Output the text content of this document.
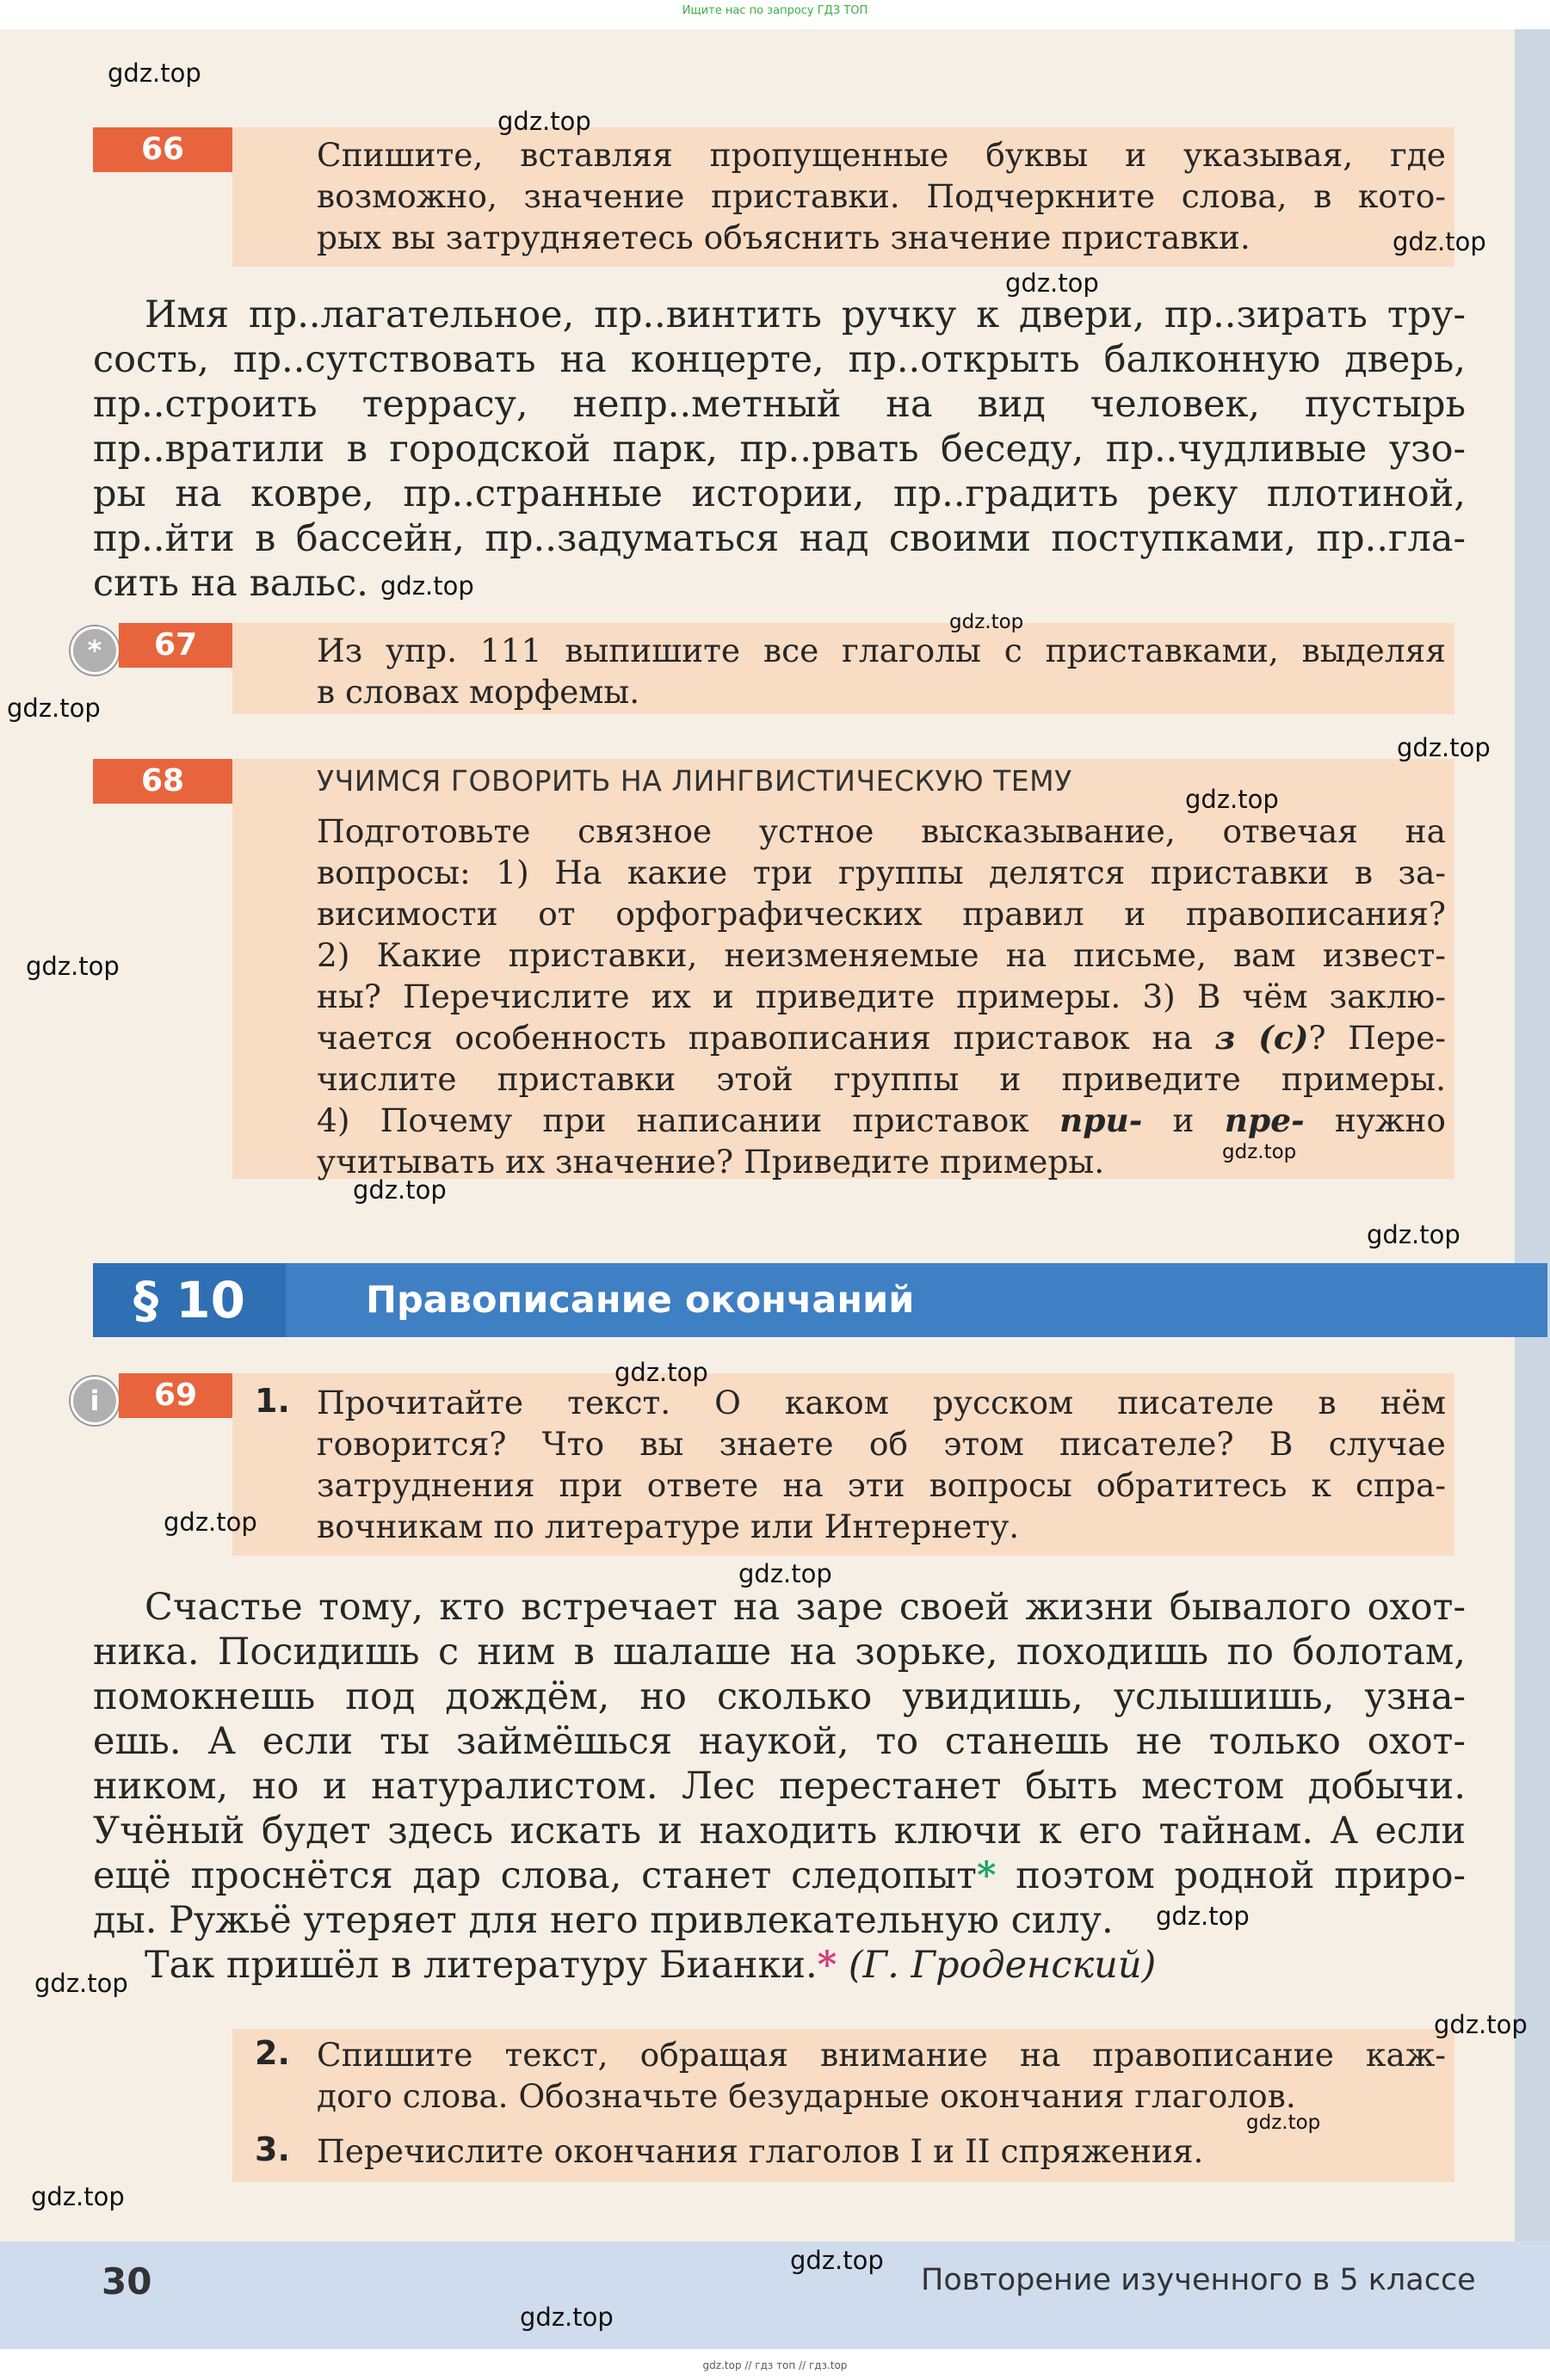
Ищите нас по запросу ГДЗ ТОП
gdz.top // гдз топ // гдз.top
66	Спишите, вставляя пропущенные буквы и указывая, где
возможно, значение приставки. Подчеркните слова, в кото-
рых вы затрудняетесь объяснить значение приставки.

Имя пр..лагательное, пр..винтить ручку к двери, пр..зирать тру-

сость, пр..сутствовать на концерте, пр..открыть балконную дверь,

пр..строить террасу, непр..метный на вид человек, пустырь

пр..вратили в городской парк, пр..рвать беседу, пр..чудливые узо-

ры на ковре, пр..странные истории, пр..градить реку плотиной,

пр..йти в бассейн, пр..задуматься над своими поступками, пр..гла-

сить на вальс.

*	67	Из упр. 111 выпишите все глаголы с приставками, выделяя
в словах морфемы.
68	УЧИМСЯ ГОВОРИТЬ НА ЛИНГВИСТИЧЕСКУЮ ТЕМУ
Подготовьте связное устное высказывание, отвечая на
вопросы: 1) На какие три группы делятся приставки в за-
висимости от орфографических правил и правописания?
2) Какие приставки, неизменяемые на письме, вам извест-
ны? Перечислите их и приведите примеры. 3) В чём заклю-
чается особенность правописания приставок на з (с)? Пере-
числите приставки этой группы и приведите примеры.
4) Почему при написании приставок при- и пре- нужно
учитывать их значение? Приведите примеры.
§ 10	Правописание окончаний
i	69	1. Прочитайте текст. О каком русском писателе в нём
говорится? Что вы знаете об этом писателе? В случае
затруднения при ответе на эти вопросы обратитесь к спра-
вочникам по литературе или Интернету.

Счастье тому, кто встречает на заре своей жизни бывалого охот-

ника. Посидишь с ним в шалаше на зорьке, походишь по болотам,

помокнешь под дождём, но сколько увидишь, услышишь, узна-

ешь. А если ты займёшься наукой, то станешь не только охот-

ником, но и натуралистом. Лес перестанет быть местом добычи.

Учёный будет здесь искать и находить ключи к его тайнам. А если

ещё проснётся дар слова, станет следопыт* поэтом родной приро-

ды. Ружьё утеряет для него привлекательную силу.

Так пришёл в литературу Бианки.* (Г. Гроденский)

2. Спишите текст, обращая внимание на правописание каж-
дого слова. Обозначьте безударные окончания глаголов.
3. Перечислите окончания глаголов I и II спряжения.
30	Повторение изученного в 5 классе
gdz.top
gdz.top
gdz.top
gdz.top
gdz.top
gdz.top
gdz.top
gdz.top
gdz.top
gdz.top
gdz.top
gdz.top
gdz.top
gdz.top
gdz.top
gdz.top
gdz.top
gdz.top
gdz.top
gdz.top
gdz.top
gdz.top
gdz.top
